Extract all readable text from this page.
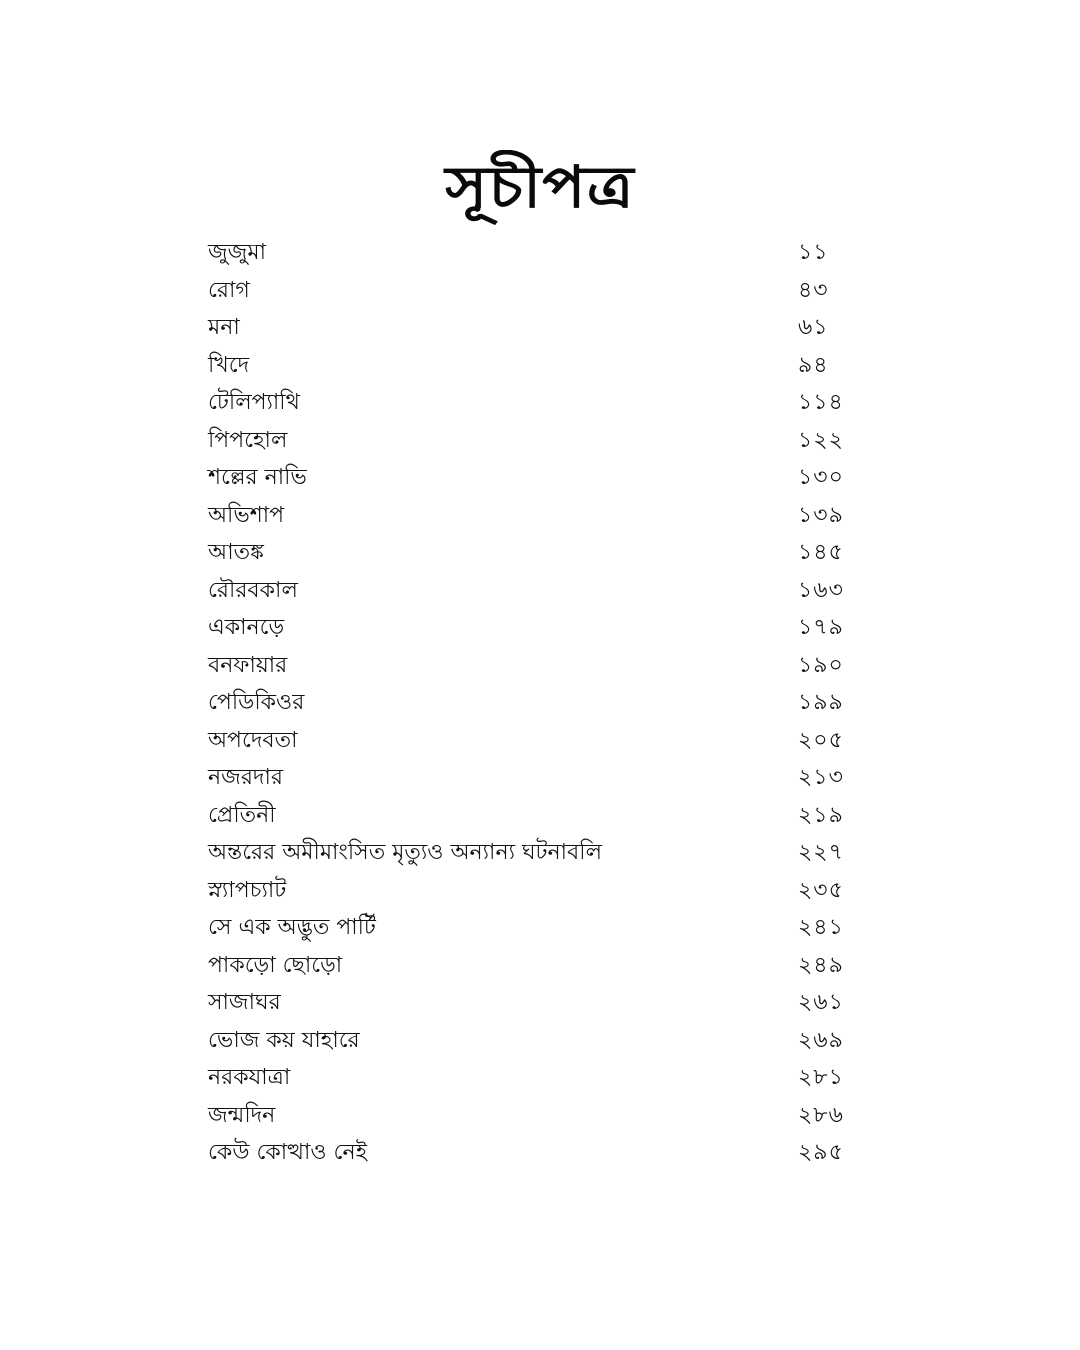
সূচীপত্র
জুজুমা	১১
রোগ	৪৩
মনা	৬১
খিদে	৯৪
টেলিপ্যাথি	১১৪
পিপহোল	১২২
শল্লের নাভি	১৩০
অভিশাপ	১৩৯
আতঙ্ক	১৪৫
রৌরবকাল	১৬৩
একানড়ে	১৭৯
বনফায়ার	১৯০
পেডিকিওর	১৯৯
অপদেবতা	২০৫
নজরদার	২১৩
প্রেতিনী	২১৯
অন্তরের অমীমাংসিত মৃত্যুও অন্যান্য ঘটনাবলি	২২৭
স্ন্যাপচ্যাট	২৩৫
সে এক অদ্ভুত পার্টি	২৪১
পাকড়ো ছোড়ো	২৪৯
সাজাঘর	২৬১
ভোজ কয় যাহারে	২৬৯
নরকযাত্রা	২৮১
জন্মদিন	২৮৬
কেউ কোত্থাও নেই	২৯৫
